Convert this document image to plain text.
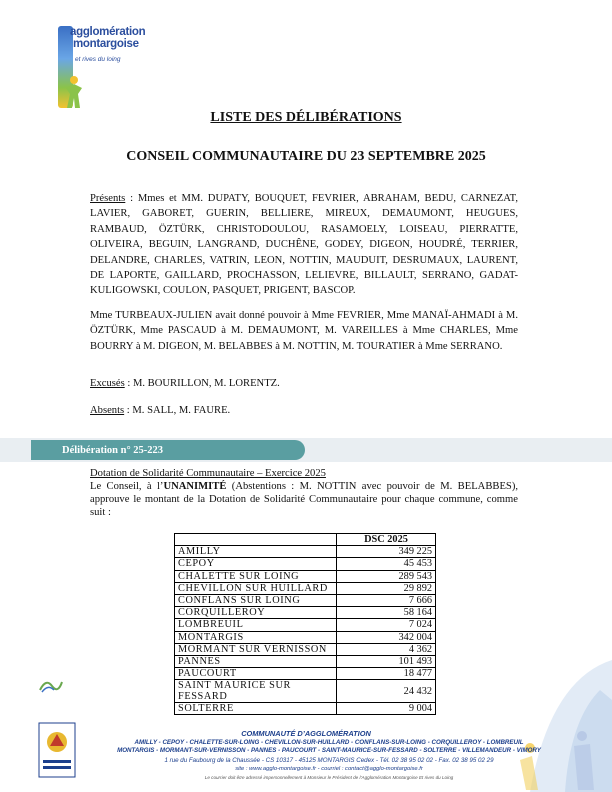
agglomération
montargoise
et rives du loing
LISTE DES DÉLIBÉRATIONS
CONSEIL COMMUNAUTAIRE DU 23 SEPTEMBRE 2025
Présents : Mmes et MM. DUPATY, BOUQUET, FEVRIER, ABRAHAM, BEDU, CARNEZAT, LAVIER, GABORET, GUERIN, BELLIERE, MIREUX, DEMAUMONT, HEUGUES, RAMBAUD, ÖZTÜRK, CHRISTODOULOU, RASAMOELY, LOISEAU, PIERRATTE, OLIVEIRA, BEGUIN, LANGRAND, DUCHÊNE, GODEY, DIGEON, HOUDRÉ, TERRIER, DELANDRE, CHARLES, VATRIN, LEON, NOTTIN, MAUDUIT, DESRUMAUX, LAURENT, DE LAPORTE, GAILLARD, PROCHASSON, LELIEVRE, BILLAULT, SERRANO, GADAT-KULIGOWSKI, COULON, PASQUET, PRIGENT, BASCOP.
Mme TURBEAUX-JULIEN avait donné pouvoir à Mme FEVRIER, Mme MANAÏ-AHMADI à M. ÖZTÜRK, Mme PASCAUD à M. DEMAUMONT, M. VAREILLES à Mme CHARLES, Mme BOURRY à M. DIGEON, M. BELABBES à M. NOTTIN, M. TOURATIER à Mme SERRANO.
Excusés : M. BOURILLON, M. LORENTZ.
Absents : M. SALL, M. FAURE.
Délibération n° 25-223
Dotation de Solidarité Communautaire – Exercice 2025
Le Conseil, à l’UNANIMITÉ (Abstentions : M. NOTTIN avec pouvoir de M. BELABBES), approuve le montant de la Dotation de Solidarité Communautaire pour chaque commune, comme suit :
	DSC 2025
AMILLY	349 225
CEPOY	45 453
CHALETTE SUR LOING	289 543
CHEVILLON SUR HUILLARD	29 892
CONFLANS SUR LOING	7 666
CORQUILLEROY	58 164
LOMBREUIL	7 024
MONTARGIS	342 004
MORMANT SUR VERNISSON	4 362
PANNES	101 493
PAUCOURT	18 477
SAINT MAURICE SUR FESSARD	24 432
SOLTERRE	9 004
COMMUNAUTÉ D’AGGLOMÉRATION
AMILLY - CEPOY - CHALETTE-SUR-LOING - CHEVILLON-SUR-HUILLARD - CONFLANS-SUR-LOING - CORQUILLEROY - LOMBREUIL
MONTARGIS - MORMANT-SUR-VERNISSON - PANNES - PAUCOURT - SAINT-MAURICE-SUR-FESSARD - SOLTERRE - VILLEMANDEUR - VIMORY
1 rue du Faubourg de la Chaussée - CS 10317 - 45125 MONTARGIS Cedex - Tél. 02 38 95 02 02 - Fax. 02 38 95 02 29
site : www.agglo-montargoise.fr - courriel : contact@agglo-montargoise.fr
Le courrier doit être adressé impersonnellement à Monsieur le Président de l’Agglomération Montargoise Et rives du Loing
